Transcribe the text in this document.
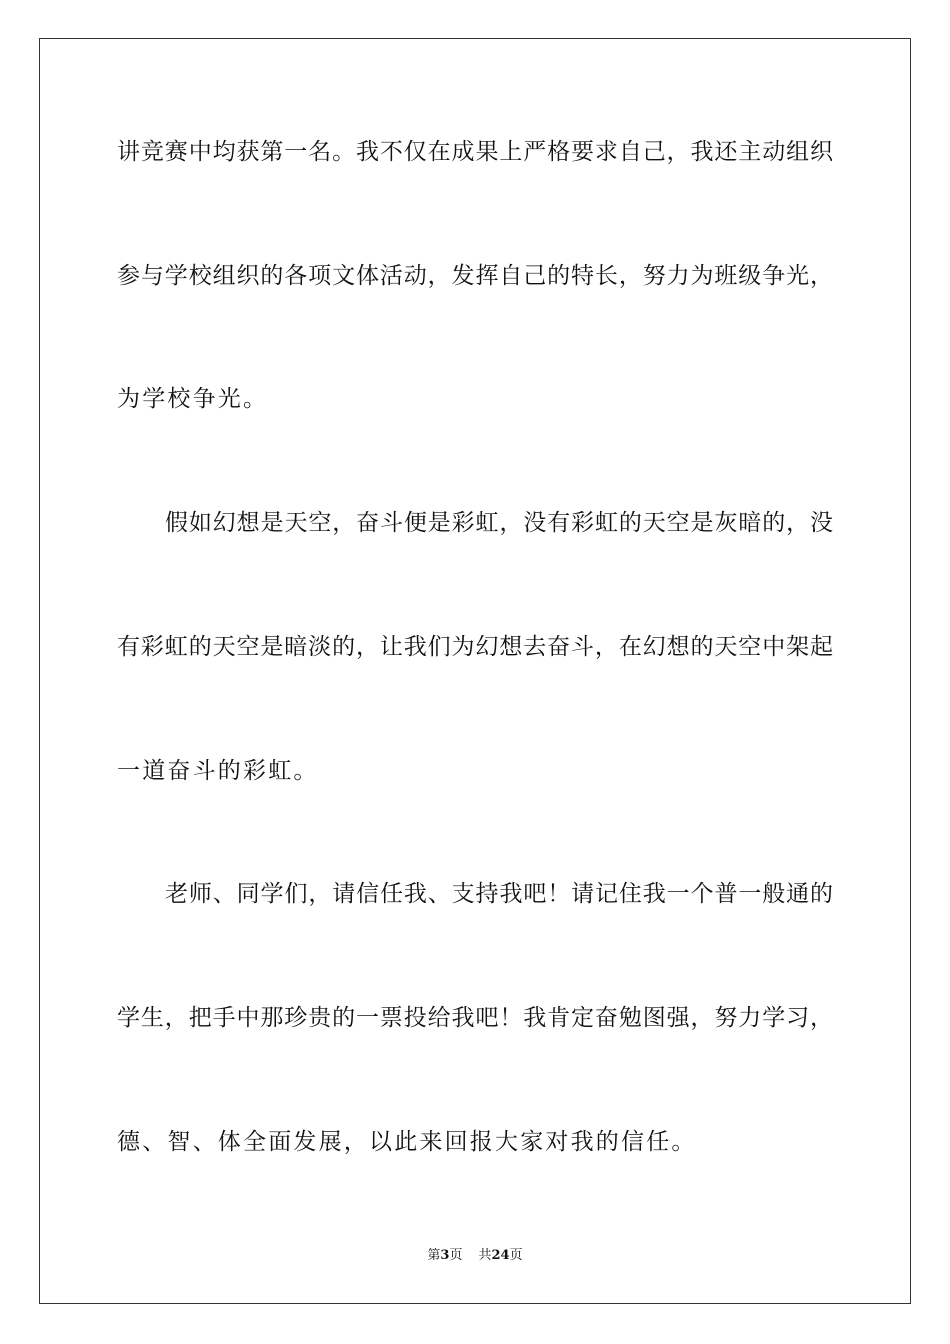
讲竞赛中均获第一名。我不仅在成果上严格要求自己，我还主动组织
参与学校组织的各项文体活动，发挥自己的特长，努力为班级争光，
为学校争光。
假如幻想是天空，奋斗便是彩虹，没有彩虹的天空是灰暗的，没
有彩虹的天空是暗淡的，让我们为幻想去奋斗，在幻想的天空中架起
一道奋斗的彩虹。
老师、同学们，请信任我、支持我吧！请记住我一个普一般通的
学生，把手中那珍贵的一票投给我吧！我肯定奋勉图强，努力学习，
德、智、体全面发展，以此来回报大家对我的信任。
第3页 共24页
